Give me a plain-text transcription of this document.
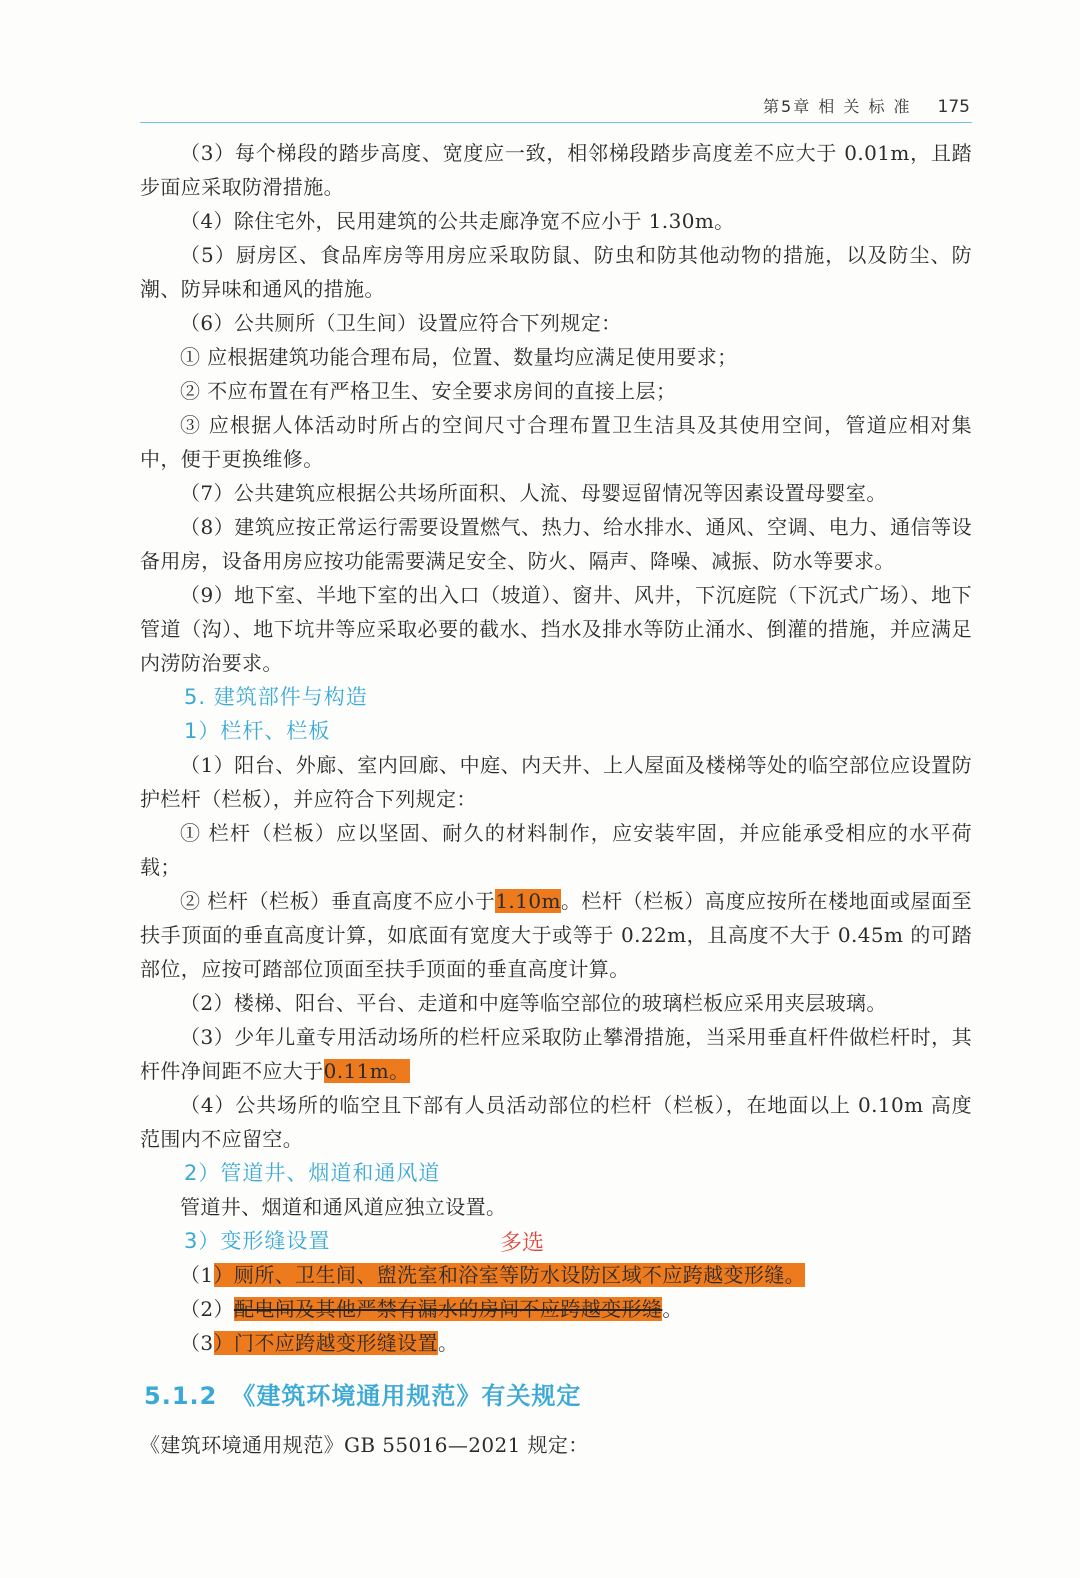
第5章 相 关 标 准 175

（3）每个梯段的踏步高度、宽度应一致，相邻梯段踏步高度差不应大于 0.01m，且踏步面应采取防滑措施。

（4）除住宅外，民用建筑的公共走廊净宽不应小于 1.30m。

（5）厨房区、食品库房等用房应采取防鼠、防虫和防其他动物的措施，以及防尘、防潮、防异味和通风的措施。

（6）公共厕所（卫生间）设置应符合下列规定：

① 应根据建筑功能合理布局，位置、数量均应满足使用要求；

② 不应布置在有严格卫生、安全要求房间的直接上层；

③ 应根据人体活动时所占的空间尺寸合理布置卫生洁具及其使用空间，管道应相对集中，便于更换维修。

（7）公共建筑应根据公共场所面积、人流、母婴逗留情况等因素设置母婴室。

（8）建筑应按正常运行需要设置燃气、热力、给水排水、通风、空调、电力、通信等设备用房，设备用房应按功能需要满足安全、防火、隔声、降噪、减振、防水等要求。

（9）地下室、半地下室的出入口（坡道）、窗井、风井，下沉庭院（下沉式广场）、地下管道（沟）、地下坑井等应采取必要的截水、挡水及排水等防止涌水、倒灌的措施，并应满足内涝防治要求。

5. 建筑部件与构造

1）栏杆、栏板

（1）阳台、外廊、室内回廊、中庭、内天井、上人屋面及楼梯等处的临空部位应设置防护栏杆（栏板），并应符合下列规定：

① 栏杆（栏板）应以坚固、耐久的材料制作，应安装牢固，并应能承受相应的水平荷载；

② 栏杆（栏板）垂直高度不应小于1.10m。栏杆（栏板）高度应按所在楼地面或屋面至扶手顶面的垂直高度计算，如底面有宽度大于或等于 0.22m，且高度不大于 0.45m 的可踏部位，应按可踏部位顶面至扶手顶面的垂直高度计算。

（2）楼梯、阳台、平台、走道和中庭等临空部位的玻璃栏板应采用夹层玻璃。

（3）少年儿童专用活动场所的栏杆应采取防止攀滑措施，当采用垂直杆件做栏杆时，其杆件净间距不应大于0.11m。

（4）公共场所的临空且下部有人员活动部位的栏杆（栏板），在地面以上 0.10m 高度范围内不应留空。

2）管道井、烟道和通风道

管道井、烟道和通风道应独立设置。

3）变形缝设置

（1）厕所、卫生间、盥洗室和浴室等防水设防区域不应跨越变形缝。

（2）配电间及其他严禁有漏水的房间不应跨越变形缝。

（3）门不应跨越变形缝设置。

多选
5.1.2 《建筑环境通用规范》有关规定
《建筑环境通用规范》GB 55016—2021 规定：
